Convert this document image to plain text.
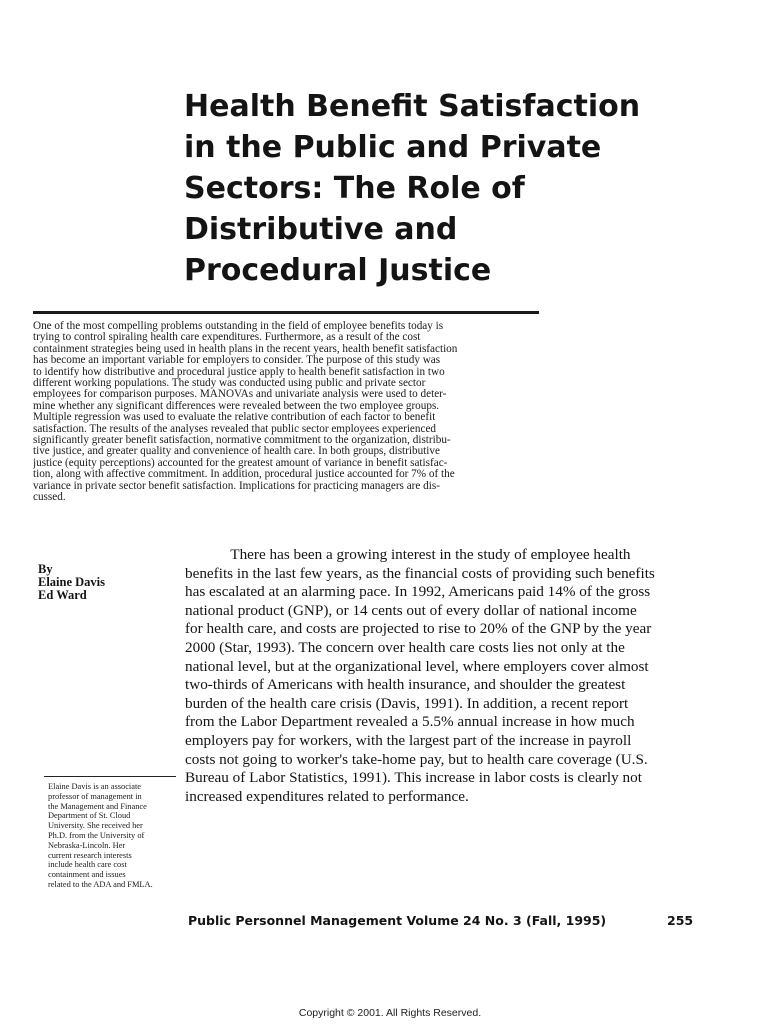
Health Benefit Satisfaction
in the Public and Private
Sectors: The Role of
Distributive and
Procedural Justice
One of the most compelling problems outstanding in the field of employee benefits today is
trying to control spiraling health care expenditures. Furthermore, as a result of the cost
containment strategies being used in health plans in the recent years, health benefit satisfaction
has become an important variable for employers to consider. The purpose of this study was
to identify how distributive and procedural justice apply to health benefit satisfaction in two
different working populations. The study was conducted using public and private sector
employees for comparison purposes. MANOVAs and univariate analysis were used to deter-
mine whether any significant differences were revealed between the two employee groups.
Multiple regression was used to evaluate the relative contribution of each factor to benefit
satisfaction. The results of the analyses revealed that public sector employees experienced
significantly greater benefit satisfaction, normative commitment to the organization, distribu-
tive justice, and greater quality and convenience of health care. In both groups, distributive
justice (equity perceptions) accounted for the greatest amount of variance in benefit satisfac-
tion, along with affective commitment. In addition, procedural justice accounted for 7% of the
variance in private sector benefit satisfaction. Implications for practicing managers are dis-
cussed.
By
Elaine Davis
Ed Ward
There has been a growing interest in the study of employee health
benefits in the last few years, as the financial costs of providing such benefits
has escalated at an alarming pace. In 1992, Americans paid 14% of the gross
national product (GNP), or 14 cents out of every dollar of national income
for health care, and costs are projected to rise to 20% of the GNP by the year
2000 (Star, 1993). The concern over health care costs lies not only at the
national level, but at the organizational level, where employers cover almost
two-thirds of Americans with health insurance, and shoulder the greatest
burden of the health care crisis (Davis, 1991). In addition, a recent report
from the Labor Department revealed a 5.5% annual increase in how much
employers pay for workers, with the largest part of the increase in payroll
costs not going to worker's take-home pay, but to health care coverage (U.S.
Bureau of Labor Statistics, 1991). This increase in labor costs is clearly not
increased expenditures related to performance.
Elaine Davis is an associate
professor of management in
the Management and Finance
Department of St. Cloud
University. She received her
Ph.D. from the University of
Nebraska-Lincoln. Her
current research interests
include health care cost
containment and issues
related to the ADA and FMLA.
Public Personnel Management Volume 24 No. 3 (Fall, 1995)	255
Copyright © 2001. All Rights Reserved.
